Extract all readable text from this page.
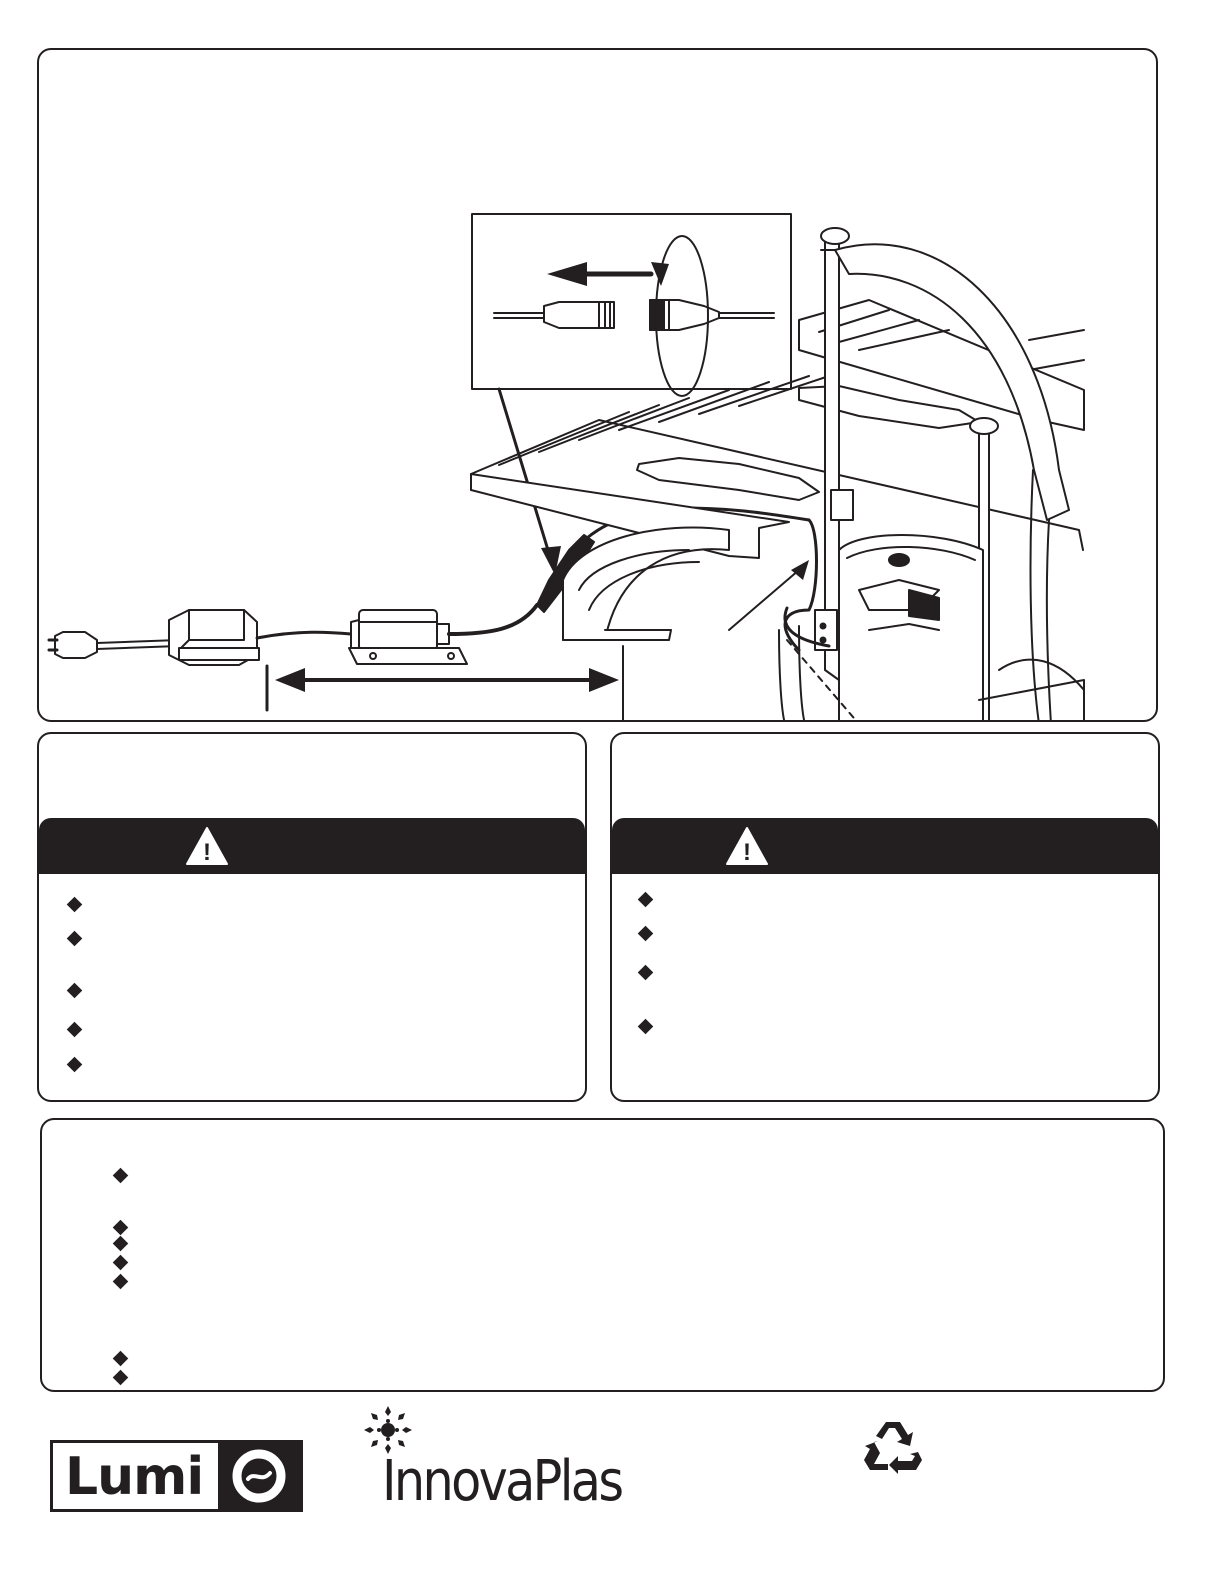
!	!
Lumi	InnovaPlas
